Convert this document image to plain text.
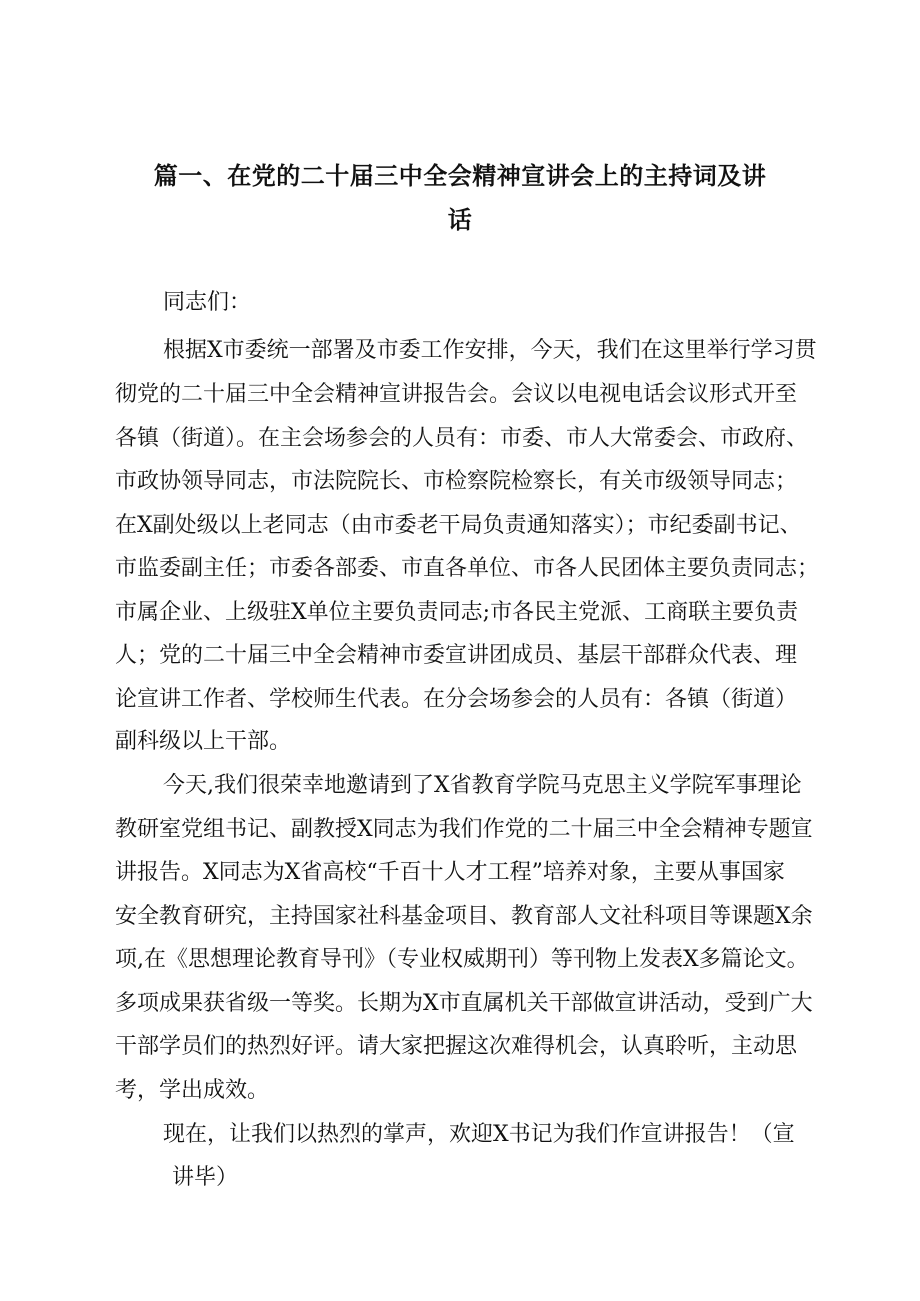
篇一、在党的二十届三中全会精神宣讲会上的主持词及讲
话

同志们：

根据X市委统一部署及市委工作安排，今天，我们在这里举行学习贯

彻党的二十届三中全会精神宣讲报告会。会议以电视电话会议形式开至

各镇（街道）。在主会场参会的人员有：市委、市人大常委会、市政府、

市政协领导同志，市法院院长、市检察院检察长，有关市级领导同志；

在X副处级以上老同志（由市委老干局负责通知落实）；市纪委副书记、

市监委副主任；市委各部委、市直各单位、市各人民团体主要负责同志；

市属企业、上级驻X单位主要负责同志;市各民主党派、工商联主要负责

人；党的二十届三中全会精神市委宣讲团成员、基层干部群众代表、理

论宣讲工作者、学校师生代表。在分会场参会的人员有：各镇（街道）

副科级以上干部。

今天,我们很荣幸地邀请到了X省教育学院马克思主义学院军事理论

教研室党组书记、副教授X同志为我们作党的二十届三中全会精神专题宣

讲报告。X同志为X省高校“千百十人才工程”培养对象，主要从事国家

安全教育研究，主持国家社科基金项目、教育部人文社科项目等课题X余

项,在《思想理论教育导刊》（专业权威期刊）等刊物上发表X多篇论文。

多项成果获省级一等奖。长期为X市直属机关干部做宣讲活动，受到广大

干部学员们的热烈好评。请大家把握这次难得机会，认真聆听，主动思

考，学出成效。

现在，让我们以热烈的掌声，欢迎X书记为我们作宣讲报告！（宣

讲毕）
